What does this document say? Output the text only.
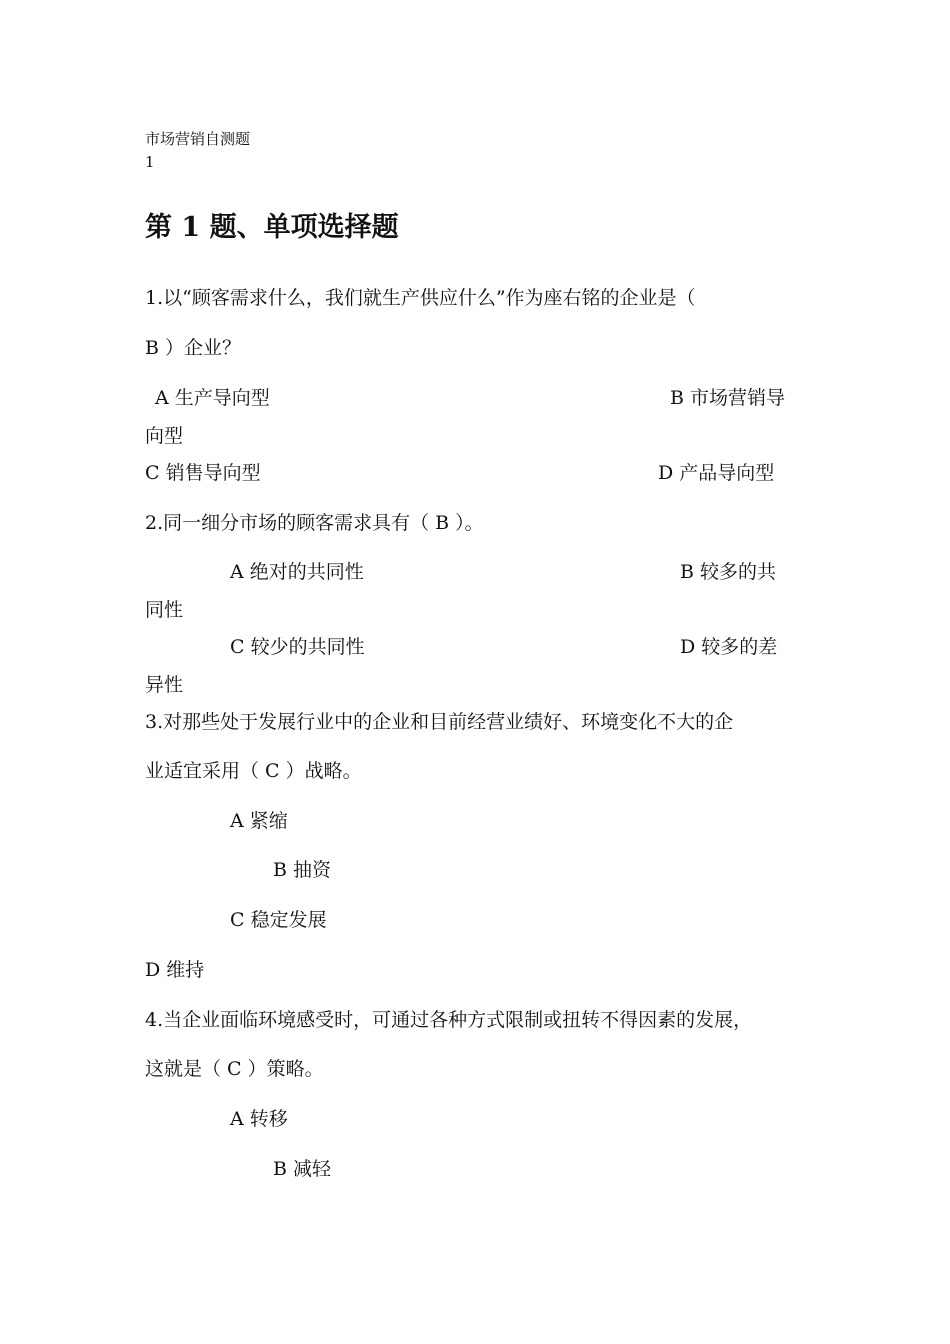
市场营销自测题
1
第 1 题、单项选择题
1.以“顾客需求什么，我们就生产供应什么”作为座右铭的企业是（
B ）企业？
A 生产导向型	B 市场营销导
向型
C 销售导向型	D 产品导向型
2.同一细分市场的顾客需求具有（ B ）。
A 绝对的共同性	B 较多的共
同性
C 较少的共同性	D 较多的差
异性
3.对那些处于发展行业中的企业和目前经营业绩好、环境变化不大的企
业适宜采用（ C ）战略。
A 紧缩
B 抽资
C 稳定发展
D 维持
4.当企业面临环境感受时，可通过各种方式限制或扭转不得因素的发展，
这就是（ C ）策略。
A 转移
B 减轻
